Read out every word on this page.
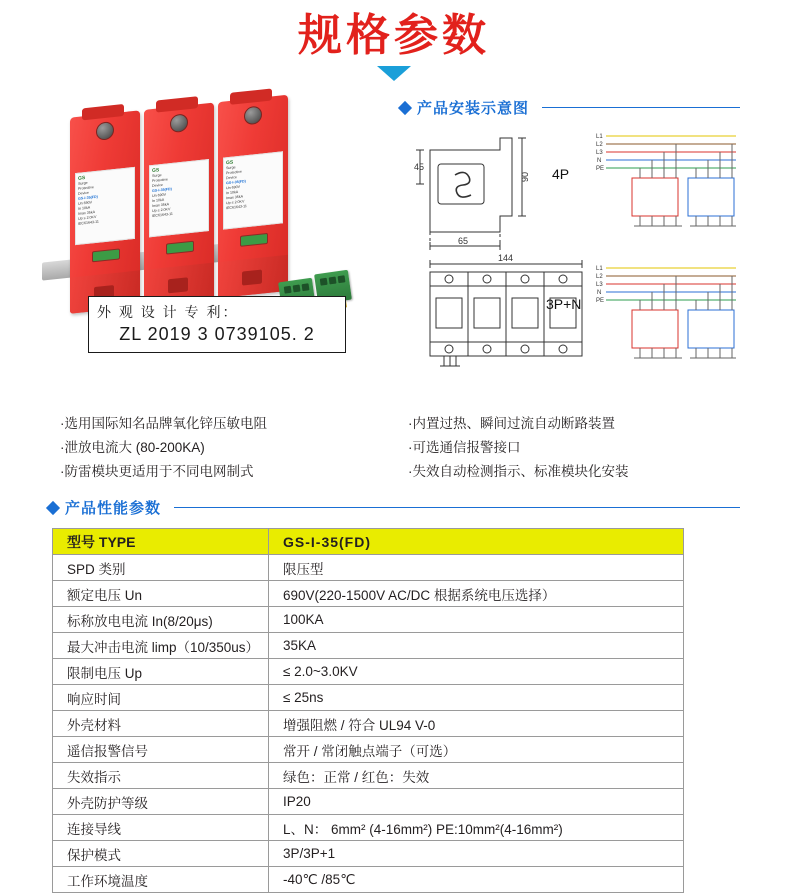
规格参数
GS
Surge
Protective
Device
GS-I-35(FD)
Un 690V
In 10kA
Imax 35kA
Up ≤ 2.0KV
IEC61643-11
GS
Surge
Protective
Device
GS-I-35(FD)
Un 690V
In 10kA
Imax 35kA
Up ≤ 2.0KV
IEC61643-11
GS
Surge
Protective
Device
GS-I-35(FD)
Un 690V
In 10kA
Imax 35kA
Up ≤ 2.0KV
IEC61643-11
外 观 设 计 专 利：
ZL 2019 3 0739105. 2
产品安装示意图
4P
3P+N
45
90
65
144
L1
L2
L3
N
PE
L1
L2
L3
N
PE
·选用国际知名品牌氧化锌压敏电阻
·泄放电流大 (80-200KA)
·防雷模块更适用于不同电网制式
·内置过热、瞬间过流自动断路装置
·可选通信报警接口
·失效自动检测指示、标准模块化安装
产品性能参数
型号 TYPE	GS-I-35(FD)
SPD 类别	限压型
额定电压 Un	690V(220-1500V AC/DC 根据系统电压选择）
标称放电电流 In(8/20μs)	100KA
最大冲击电流 limp（10/350us）	35KA
限制电压 Up	≤ 2.0~3.0KV
响应时间	≤ 25ns
外壳材料	增强阻燃 / 符合 UL94 V-0
遥信报警信号	常开 / 常闭触点端子（可选）
失效指示	绿色：正常 / 红色：失效
外壳防护等级	IP20
连接导线	L、N： 6mm² (4-16mm²) PE:10mm²(4-16mm²)
保护模式	3P/3P+1
工作环境温度	-40℃ /85℃
